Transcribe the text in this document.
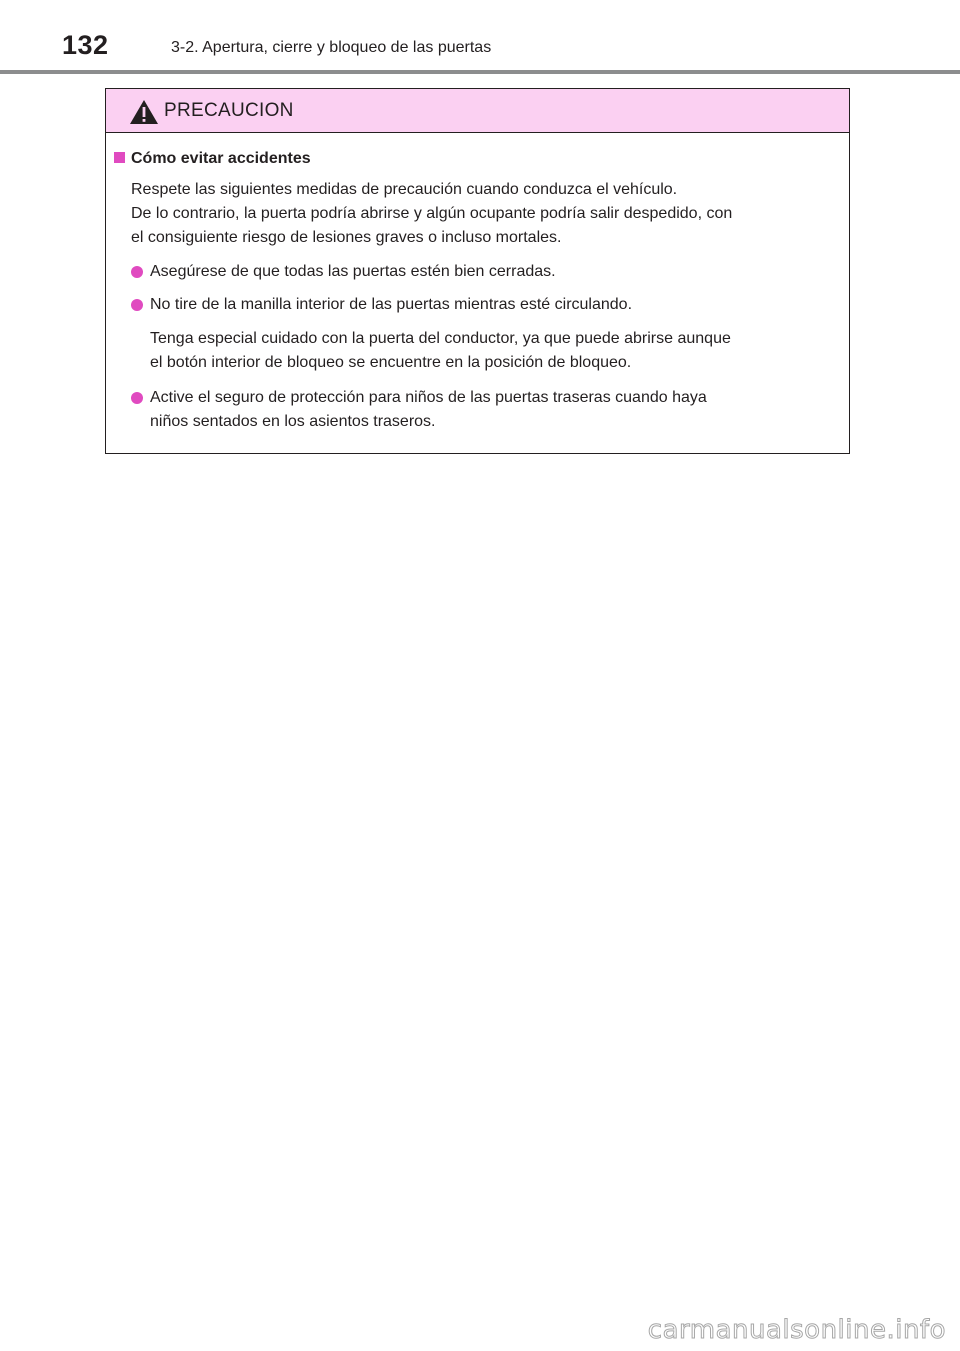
132	3-2. Apertura, cierre y bloqueo de las puertas
PRECAUCION
Cómo evitar accidentes
Respete las siguientes medidas de precaución cuando conduzca el vehículo.
De lo contrario, la puerta podría abrirse y algún ocupante podría salir despedido, con
el consiguiente riesgo de lesiones graves o incluso mortales.
Asegúrese de que todas las puertas estén bien cerradas.
No tire de la manilla interior de las puertas mientras esté circulando.
Tenga especial cuidado con la puerta del conductor, ya que puede abrirse aunque
el botón interior de bloqueo se encuentre en la posición de bloqueo.
Active el seguro de protección para niños de las puertas traseras cuando haya
niños sentados en los asientos traseros.
carmanualsonline.info
